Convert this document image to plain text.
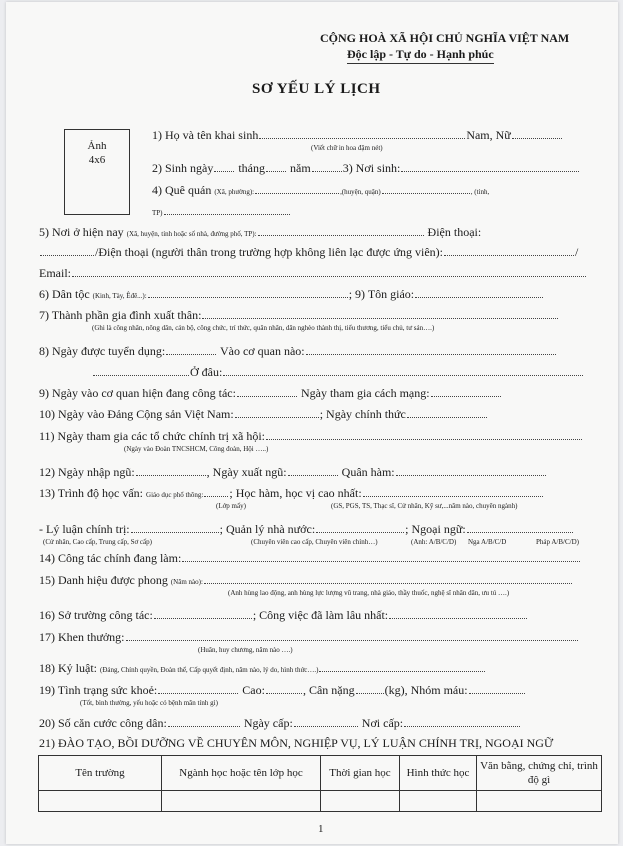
CỘNG HOÀ XÃ HỘI CHỦ NGHĨA VIỆT NAM
Độc lập - Tự do - Hạnh phúc
SƠ YẾU LÝ LỊCH
Ảnh
4x6
1) Họ và tên khai sinh	Nam, Nữ
(Viết chữ in hoa đậm nét)
2) Sinh ngày tháng năm	3) Nơi sinh:
4) Quê quán (Xã, phường):	,(huyện, quận)	, (tỉnh,
TP)
5) Nơi ở hiện nay (Xã, huyện, tỉnh hoặc số nhà, đường phố, TP):	Điện thoại:
/Điện thoại (người thân trong trường hợp không liên lạc được ứng viên):	/
Email:
6) Dân tộc (Kinh, Tày, Êđê...):	; 9) Tôn giáo:
7) Thành phần gia đình xuất thân:
(Ghi là công nhân, nông dân, cán bộ, công chức, trí thức, quân nhân, dân nghèo thành thị, tiểu thương, tiểu chủ, tư sản….)
8) Ngày được tuyển dụng:	Vào cơ quan nào:
Ở đâu:
9) Ngày vào cơ quan hiện đang công tác:	Ngày tham gia cách mạng:
10) Ngày vào Đảng Cộng sản Việt Nam:	; Ngày chính thức
11) Ngày tham gia các tổ chức chính trị xã hội:
(Ngày vào Đoàn TNCSHCM, Công đoàn, Hội …..)
12) Ngày nhập ngũ:	, Ngày xuất ngũ:	Quân hàm:
13) Trình độ học vấn: Giáo dục phổ thông: ; Học hàm, học vị cao nhất:
(Lớp mấy)	(GS, PGS, TS, Thạc sĩ, Cử nhân, Kỹ sư,...năm nào, chuyên ngành)
- Lý luận chính trị:	; Quản lý nhà nước:	; Ngoại ngữ:
(Cử nhân, Cao cấp, Trung cấp, Sơ cấp)	(Chuyên viên cao cấp, Chuyên viên chính…)	(Anh: A/B/C/D) Nga A/B/C/D	Pháp A/B/C/D)
14) Công tác chính đang làm:
15) Danh hiệu được phong (Năm nào):
(Anh hùng lao động, anh hùng lực lượng vũ trang, nhà giáo, thầy thuốc, nghệ sĩ nhân dân, ưu tú ….)
16) Sở trường công tác:	; Công việc đã làm lâu nhất:
17) Khen thưởng:
(Huân, huy chương, năm nào ….)
18) Kỷ luật: (Đảng, Chính quyền, Đoàn thể, Cấp quyết định, năm nào, lý do, hình thức….)
19) Tình trạng sức khoẻ:	Cao:	, Cân nặng	(kg), Nhóm máu:
(Tốt, bình thường, yếu hoặc có bệnh mãn tính gì)
20) Số căn cước công dân:	Ngày cấp:	Nơi cấp:
21) ĐÀO TẠO, BỒI DƯỠNG VỀ CHUYÊN MÔN, NGHIỆP VỤ, LÝ LUẬN CHÍNH TRỊ, NGOẠI NGỮ
Tên trường	Ngành học hoặc tên lớp học	Thời gian học	Hình thức học	Văn bằng, chứng chỉ, trình độ gì

1
